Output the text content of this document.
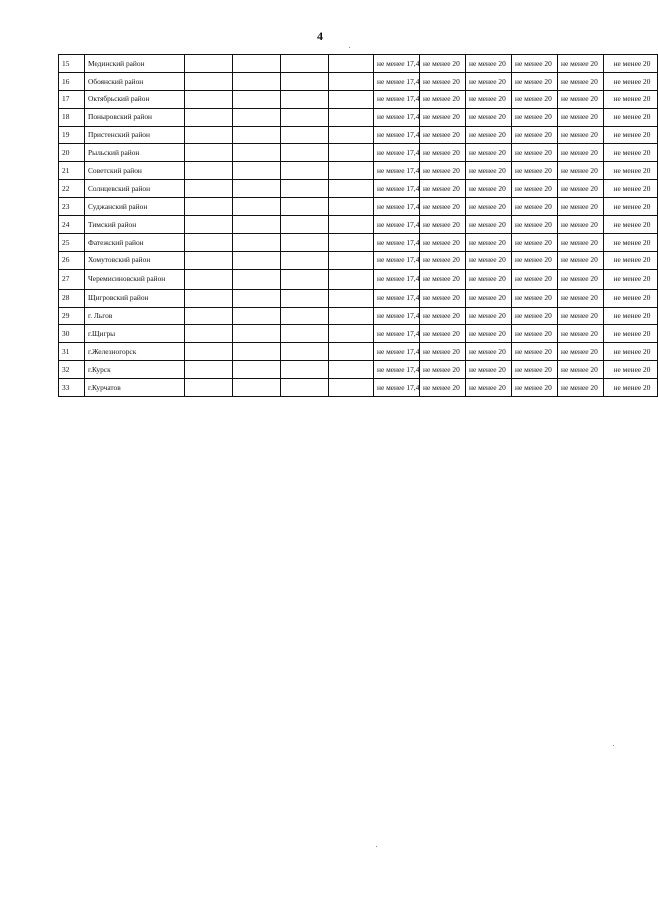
4
15	Мединский район					не менее 17,4	не менее 20	не менее 20	не менее 20	не менее 20	не менее 20
16	Обоянский район					не менее 17,4	не менее 20	не менее 20	не менее 20	не менее 20	не менее 20
17	Октябрьский район					не менее 17,4	не менее 20	не менее 20	не менее 20	не менее 20	не менее 20
18	Поныровский район					не менее 17,4	не менее 20	не менее 20	не менее 20	не менее 20	не менее 20
19	Пристенский район					не менее 17,4	не менее 20	не менее 20	не менее 20	не менее 20	не менее 20
20	Рыльский район					не менее 17,4	не менее 20	не менее 20	не менее 20	не менее 20	не менее 20
21	Советский район					не менее 17,4	не менее 20	не менее 20	не менее 20	не менее 20	не менее 20
22	Солнцевский район					не менее 17,4	не менее 20	не менее 20	не менее 20	не менее 20	не менее 20
23	Суджанский район					не менее 17,4	не менее 20	не менее 20	не менее 20	не менее 20	не менее 20
24	Тимский район					не менее 17,4	не менее 20	не менее 20	не менее 20	не менее 20	не менее 20
25	Фатежский район					не менее 17,4	не менее 20	не менее 20	не менее 20	не менее 20	не менее 20
26	Хомутовский район					не менее 17,4	не менее 20	не менее 20	не менее 20	не менее 20	не менее 20
27	Черемисиновский район					не менее 17,4	не менее 20	не менее 20	не менее 20	не менее 20	не менее 20
28	Щигровский район					не менее 17,4	не менее 20	не менее 20	не менее 20	не менее 20	не менее 20
29	г. Льгов					не менее 17,4	не менее 20	не менее 20	не менее 20	не менее 20	не менее 20
30	г.Щигры					не менее 17,4	не менее 20	не менее 20	не менее 20	не менее 20	не менее 20
31	г.Железногорск					не менее 17,4	не менее 20	не менее 20	не менее 20	не менее 20	не менее 20
32	г.Курск					не менее 17,4	не менее 20	не менее 20	не менее 20	не менее 20	не менее 20
33	г.Курчатов					не менее 17,4	не менее 20	не менее 20	не менее 20	не менее 20	не менее 20
